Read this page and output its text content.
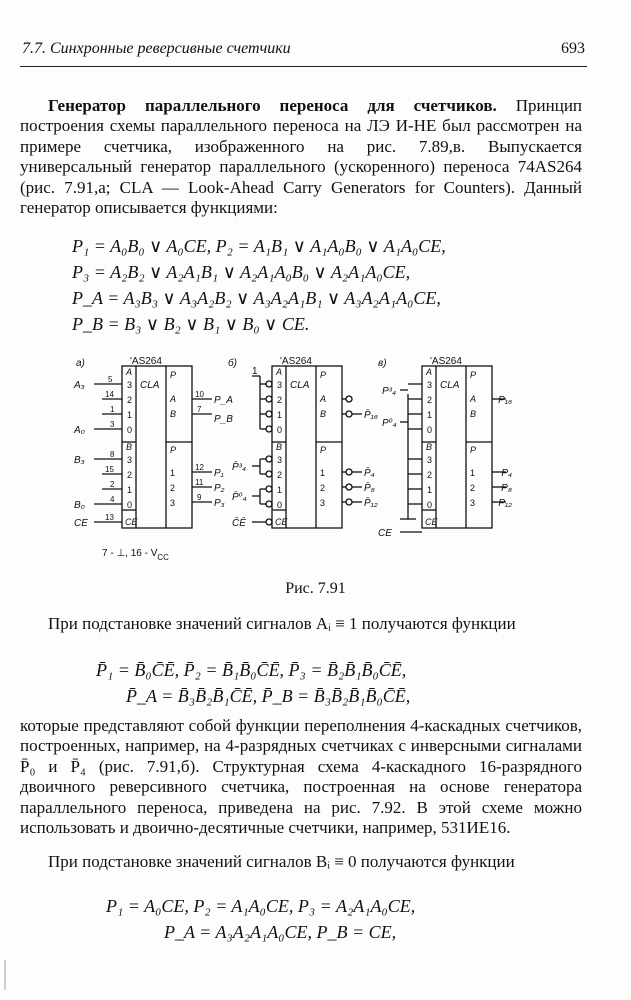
7.7. Синхронные реверсивные счетчики	693

Генератор параллельного переноса для счетчиков. Принцип построения схемы параллельного переноса на ЛЭ И-НЕ был рассмотрен на примере счетчика, изображенного на рис. 7.89,в. Выпускается универсальный генератор параллельного (ускоренного) переноса 74AS264 (рис. 7.91,а; CLA — Look-Ahead Carry Generators for Counters). Данный генератор описывается функциями:

P₁ = A₀B₀ ∨ A₀CE, P₂ = A₁B₁ ∨ A₁A₀B₀ ∨ A₁A₀CE,
P₃ = A₂B₂ ∨ A₂A₁B₁ ∨ A₂A₁A₀B₀ ∨ A₂A₁A₀CE,
P_A = A₃B₃ ∨ A₃A₂B₂ ∨ A₃A₂A₁B₁ ∨ A₃A₂A₁A₀CE,
P_B = B₃ ∨ B₂ ∨ B₁ ∨ B₀ ∨ CE.
а)	б)	в)
'AS264	'AS264	'AS264
CLA	CLA	CLA
A₃
A₀
B₃
B₀
CE
5
14
1
3
8
15
2
4
13
10
7
12
11
9
P_A
P_B
P₁
P₂
P₃
1
P̄³₄
P̄⁰₄
C̄Ē
P̄₁₆
P̄₄
P̄₈
P̄₁₂
P³₄
P⁰₄
CE
P₁₆
P₄
P₈
P₁₂
7 - ⊥, $16 - V_{CC}$
A
B
CE
P
P
A
B
3
2
1
0
3
2
1
0
1
2
3
A
B
CE
P
P
A
B
3
2
1
0
3
2
1
0
1
2
3
A
B
CE
P
P
A
B
3
2
1
0
3
2
1
0
1
2
3
Рис. 7.91

При подстановке значений сигналов Aᵢ ≡ 1 получаются функции

P̄₁ = B̄₀C̄Ē, P̄₂ = B̄₁B̄₀C̄Ē, P̄₃ = B̄₂B̄₁B̄₀C̄Ē,
P̄_A = B̄₃B̄₂B̄₁C̄Ē, P̄_B = B̄₃B̄₂B̄₁B̄₀C̄Ē,

которые представляют собой функции переполнения 4-каскадных счетчиков, построенных, например, на 4-разрядных счетчиках с инверсными сигналами P̄₀ и P̄₄ (рис. 7.91,б). Структурная схема 4-каскадного 16-разрядного двоичного реверсивного счетчика, построенная на основе генератора параллельного переноса, приведена на рис. 7.92. В этой схеме можно использовать и двоично-десятичные счетчики, например, 531ИЕ16.

При подстановке значений сигналов Bᵢ ≡ 0 получаются функции

P₁ = A₀CE, P₂ = A₁A₀CE, P₃ = A₂A₁A₀CE,
P_A = A₃A₂A₁A₀CE, P_B = CE,
